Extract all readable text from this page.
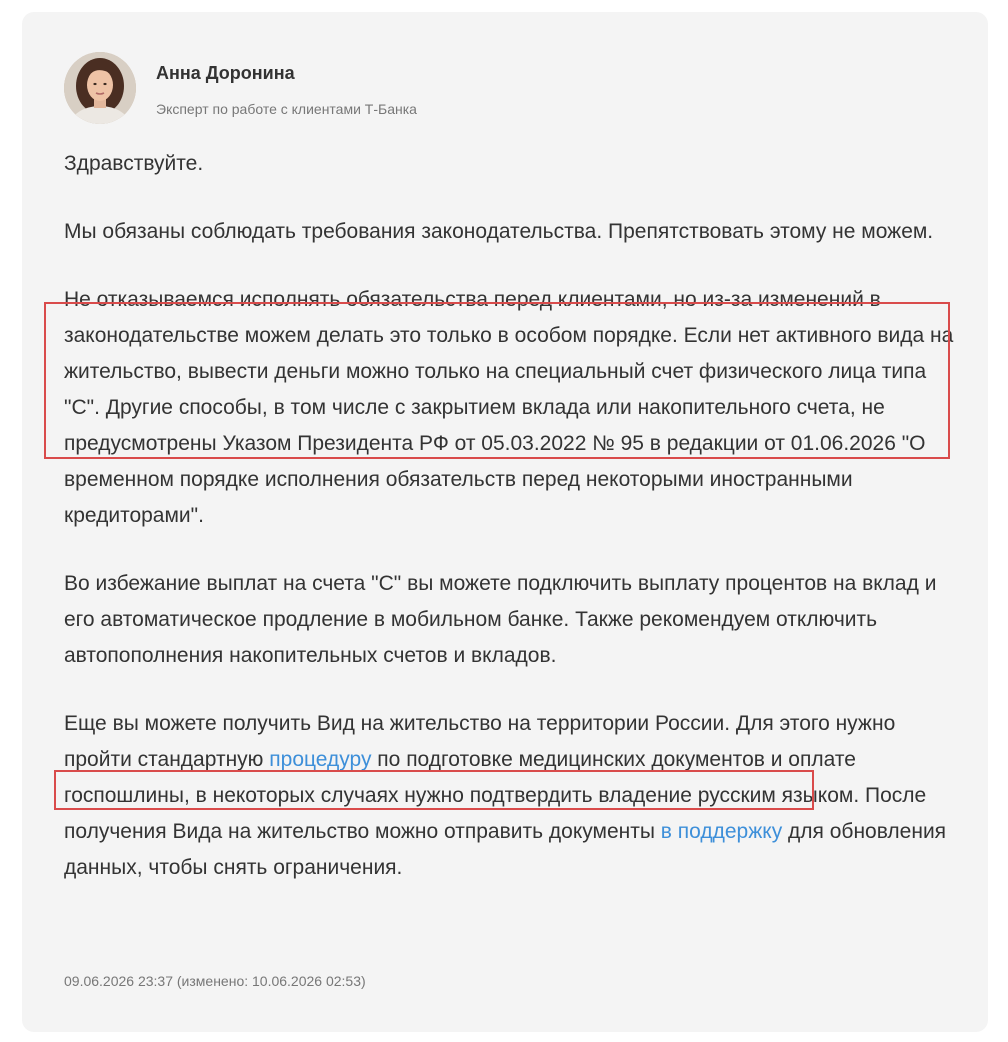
Анна Доронина
Эксперт по работе с клиентами Т-Банка

Здравствуйте.

Мы обязаны соблюдать требования законодательства. Препятствовать этому не можем.

Не отказываемся исполнять обязательства перед клиентами, но из-за изменений в законодательстве можем делать это только в особом порядке. Если нет активного вида на жительство, вывести деньги можно только на специальный счет физического лица типа "С". Другие способы, в том числе с закрытием вклада или накопительного счета, не предусмотрены Указом Президента РФ от 05.03.2022 № 95 в редакции от 01.06.2026 "О временном порядке исполнения обязательств перед некоторыми иностранными кредиторами".

Во избежание выплат на счета "С" вы можете подключить выплату процентов на вклад и его автоматическое продление в мобильном банке. Также рекомендуем отключить автопополнения накопительных счетов и вкладов.

Еще вы можете получить Вид на жительство на территории России. Для этого нужно пройти стандартную процедуру по подготовке медицинских документов и оплате госпошлины, в некоторых случаях нужно подтвердить владение русским языком. После получения Вида на жительство можно отправить документы в поддержку для обновления данных, чтобы снять ограничения.

09.06.2026 23:37 (изменено: 10.06.2026 02:53)
